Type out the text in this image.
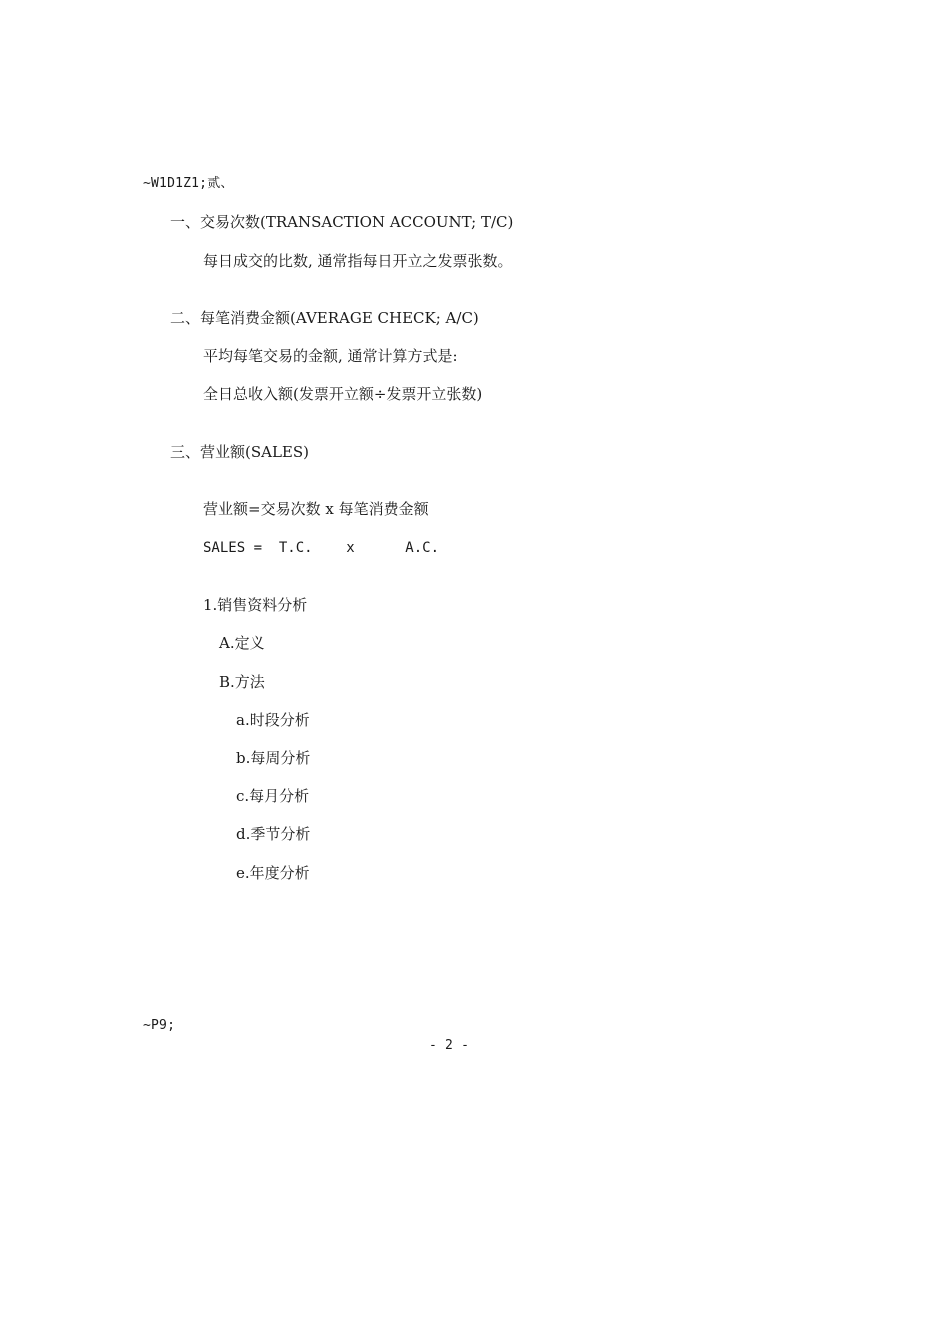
~W1D1Z1;贰、
一、交易次数(TRANSACTION ACCOUNT; T/C)
每日成交的比数, 通常指每日开立之发票张数。
二、每笔消费金额(AVERAGE CHECK; A/C)
平均每笔交易的金额, 通常计算方式是:
全日总收入额(发票开立额÷发票开立张数)
三、营业额(SALES)
营业额=交易次数 x 每笔消费金额
SALES =  T.C.    x      A.C.
1.销售资料分析
A.定义
B.方法
a.时段分析
b.每周分析
c.每月分析
d.季节分析
e.年度分析
~P9;
- 2 -
